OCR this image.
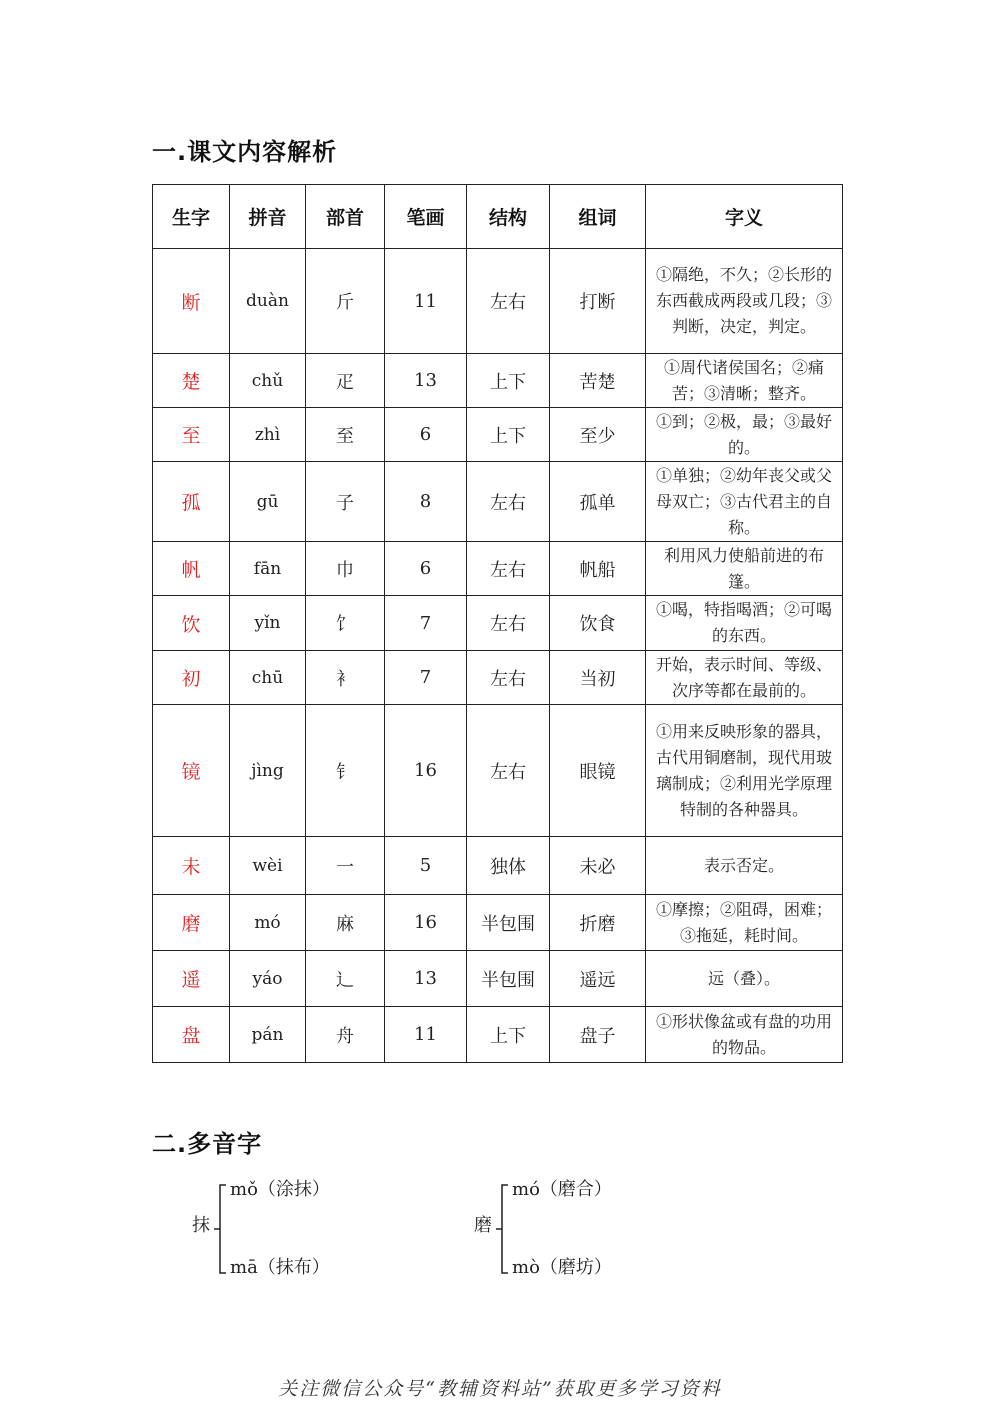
一.课文内容解析
生字	拼音	部首	笔画	结构	组词	字义
断	duàn	斤	11	左右	打断	①隔绝，不久；②长形的东西截成两段或几段；③判断，决定，判定。
楚	chǔ	疋	13	上下	苦楚	①周代诸侯国名；②痛苦；③清晰；整齐。
至	zhì	至	6	上下	至少	①到；②极，最；③最好的。
孤	gū	子	8	左右	孤单	①单独；②幼年丧父或父母双亡；③古代君主的自称。
帆	fān	巾	6	左右	帆船	利用风力使船前进的布篷。
饮	yǐn	饣	7	左右	饮食	①喝，特指喝酒；②可喝的东西。
初	chū	衤	7	左右	当初	开始，表示时间、等级、次序等都在最前的。
镜	jìng	钅	16	左右	眼镜	①用来反映形象的器具，古代用铜磨制，现代用玻璃制成；②利用光学原理特制的各种器具。
未	wèi	一	5	独体	未必	表示否定。
磨	mó	麻	16	半包围	折磨	①摩擦；②阻碍，困难；③拖延，耗时间。
遥	yáo	辶	13	半包围	遥远	远（叠）。
盘	pán	舟	11	上下	盘子	①形状像盆或有盘的功用的物品。
二.多音字
抹
mǒ（涂抹）
mā（抹布）
磨
mó（磨合）
mò（磨坊）
关注微信公众号“教辅资料站”获取更多学习资料
